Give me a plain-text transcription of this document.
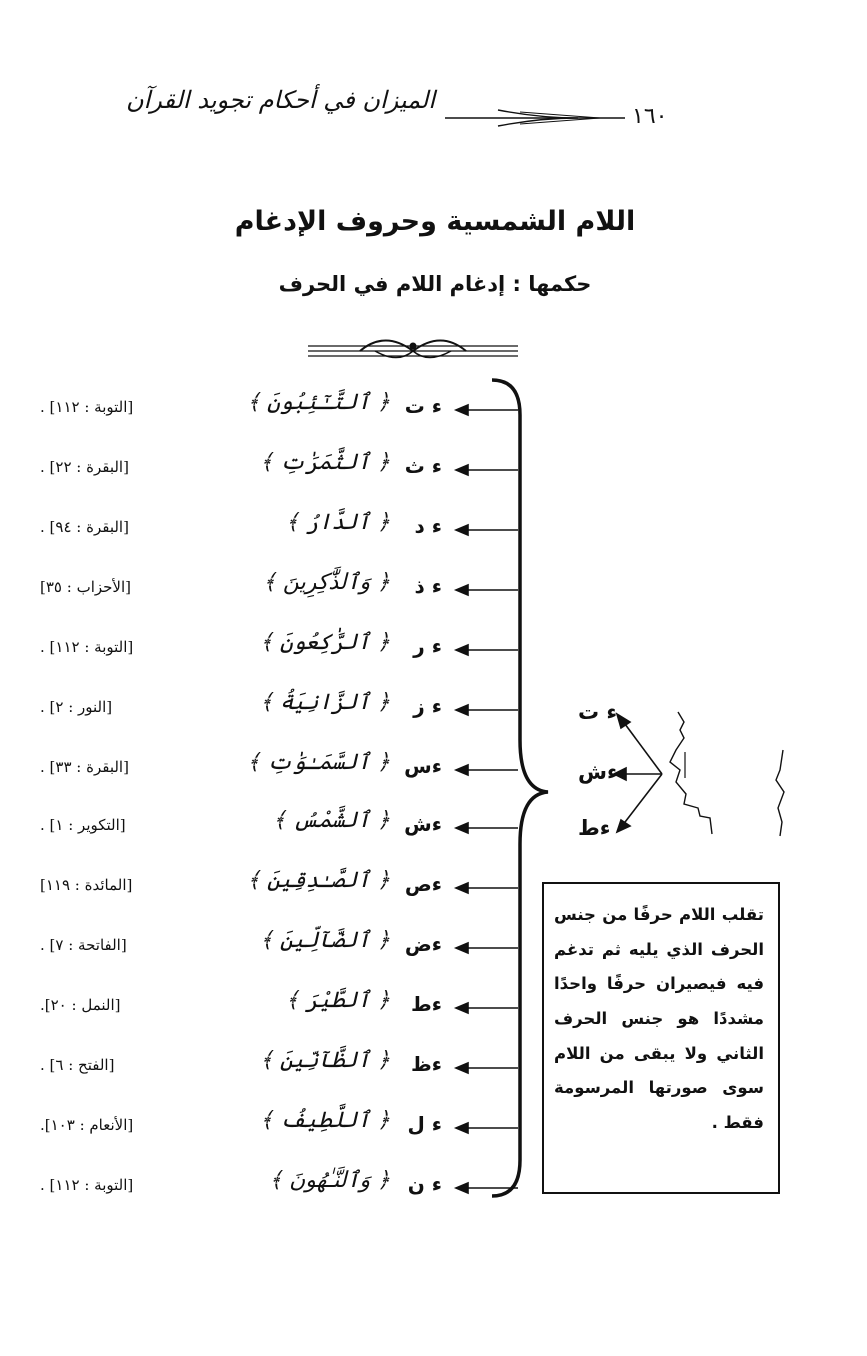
١٦٠
الميزان في أحكام تجويد القرآن
اللام الشمسية وحروف الإدغام
حكمها : إدغام اللام في الحرف
ء ت
﴿ ٱلتَّـٰٓئِبُونَ ﴾
[التوبة : ١١٢] .
ء ث
﴿ ٱلثَّمَرَٰتِ ﴾
[البقرة : ٢٢] .
ء د
﴿ ٱلدَّارُ ﴾
[البقرة : ٩٤] .
ء ذ
﴿ وَٱلذَّٰكِرِينَ ﴾
[الأحزاب : ٣٥]
ء ر
﴿ ٱلرَّٰكِعُونَ ﴾
[التوبة : ١١٢] .
ء ز
﴿ ٱلزَّانِيَةُ ﴾
[النور : ٢] .
ءس
﴿ ٱلسَّمَـٰوَٰتِ ﴾
[البقرة : ٣٣] .
ءش
﴿ ٱلشَّمْسُ ﴾
[التكوير : ١] .
ءص
﴿ ٱلصَّـٰدِقِينَ ﴾
[المائدة : ١١٩]
ءض
﴿ ٱلضَّآلِّينَ ﴾
[الفاتحة : ٧] .
ءط
﴿ ٱلطَّيْرَ ﴾
[النمل : ٢٠].
ءظ
﴿ ٱلظَّآنِّينَ ﴾
[الفتح : ٦] .
ء ل
﴿ ٱللَّطِيفُ ﴾
[الأنعام : ١٠٣].
ء ن
﴿ وَٱلنَّـٰهُونَ ﴾
[التوبة : ١١٢] .
ء ت
ءش
ءط
تقلب اللام حرفًا من جنس الحرف الذي يليه ثم تدغم فيه فيصيران حرفًا واحدًا مشددًا هو جنس الحرف الثاني ولا يبقى من اللام سوى صورتها المرسومة فقط .
